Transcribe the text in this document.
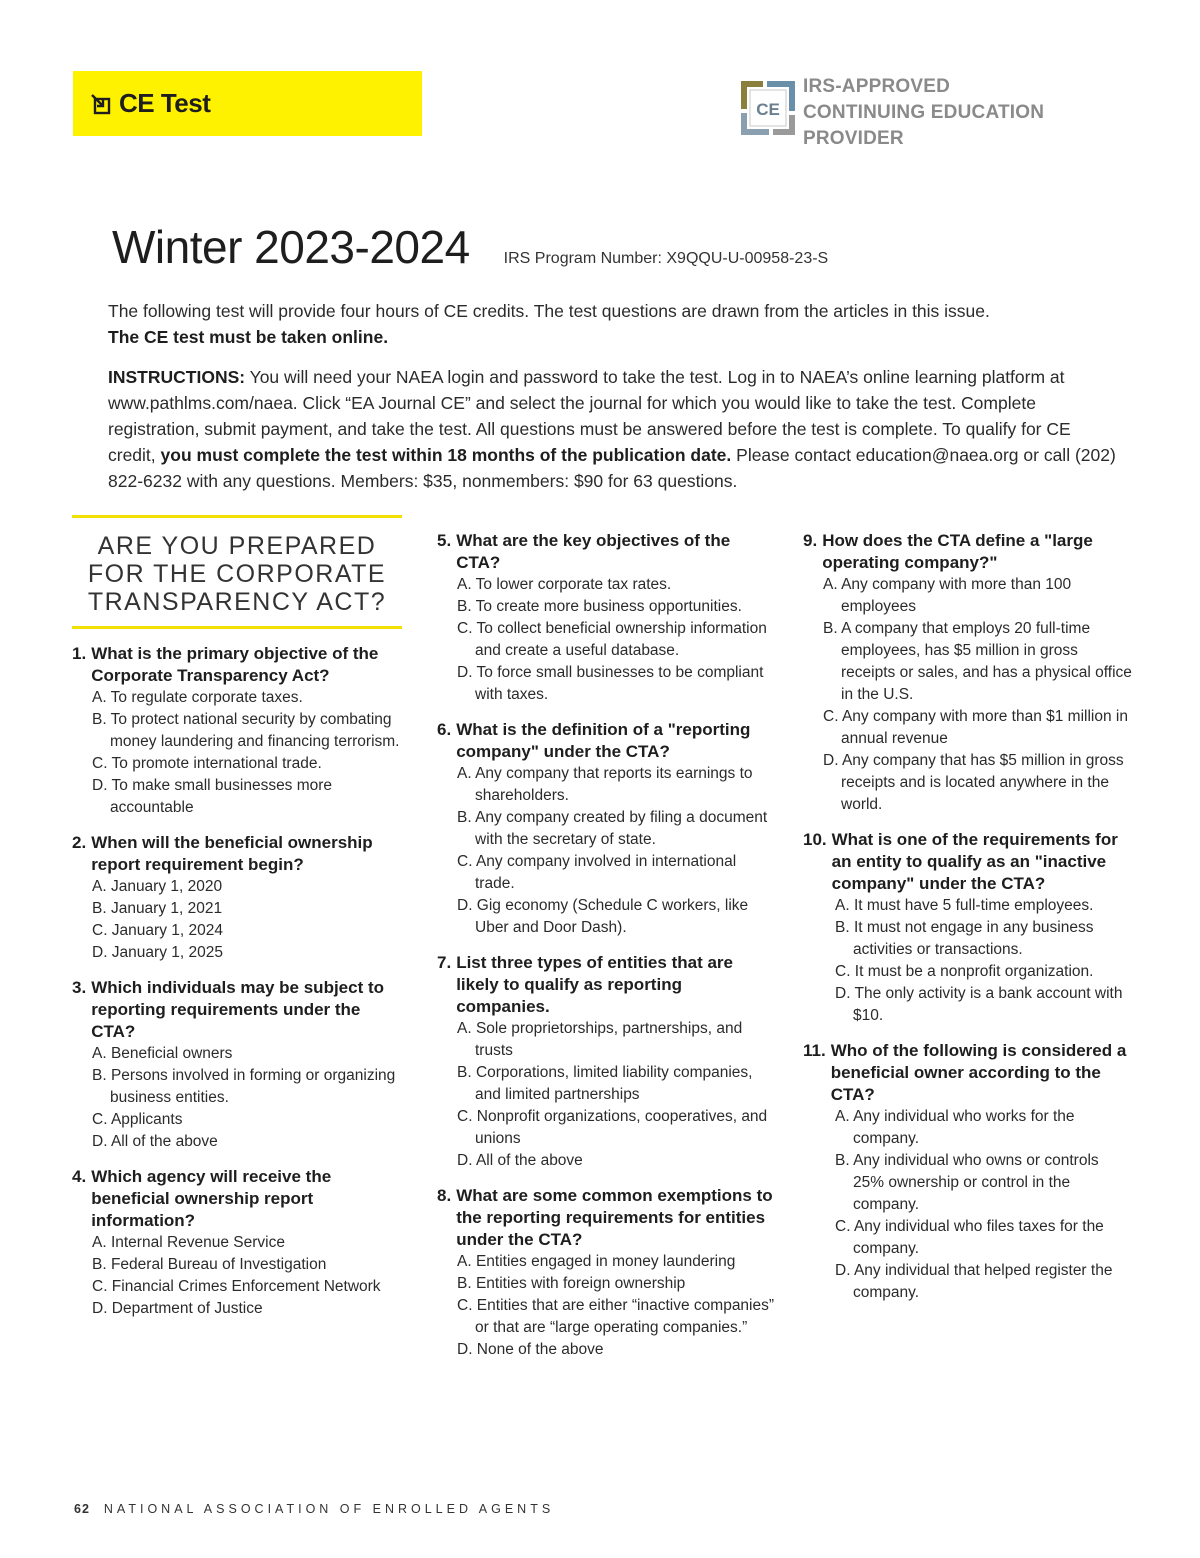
CE Test	CE
IRS-APPROVED
CONTINUING EDUCATION
PROVIDER
Winter 2023-2024 IRS Program Number: X9QQU-U-00958-23-S

The following test will provide four hours of CE credits. The test questions are drawn from the articles in this issue.

The CE test must be taken online.

INSTRUCTIONS: You will need your NAEA login and password to take the test. Log in to NAEA’s online learning platform at www.pathlms.com/naea. Click “EA Journal CE” and select the journal for which you would like to take the test. Complete registration, submit payment, and take the test. All questions must be answered before the test is complete. To qualify for CE credit, you must complete the test within 18 months of the publication date. Please contact education@naea.org or call (202) 822-6232 with any questions. Members: $35, nonmembers: $90 for 63 questions.

ARE YOU PREPARED
FOR THE CORPORATE
TRANSPARENCY ACT?
1. What is the primary objective of the Corporate Transparency Act?
A. To regulate corporate taxes.
B. To protect national security by combating money laundering and financing terrorism.
C. To promote international trade.
D. To make small businesses more accountable
2. When will the beneficial ownership report requirement begin?
A. January 1, 2020
B. January 1, 2021
C. January 1, 2024
D. January 1, 2025
3. Which individuals may be subject to reporting requirements under the CTA?
A. Beneficial owners
B. Persons involved in forming or organizing business entities.
C. Applicants
D. All of the above
4. Which agency will receive the beneficial ownership report information?
A. Internal Revenue Service
B. Federal Bureau of Investigation
C. Financial Crimes Enforcement Network
D. Department of Justice
5. What are the key objectives of the CTA?
A. To lower corporate tax rates.
B. To create more business opportunities.
C. To collect beneficial ownership information and create a useful database.
D. To force small businesses to be compliant with taxes.
6. What is the definition of a "reporting company" under the CTA?
A. Any company that reports its earnings to shareholders.
B. Any company created by filing a document with the secretary of state.
C. Any company involved in international trade.
D. Gig economy (Schedule C workers, like Uber and Door Dash).
7. List three types of entities that are likely to qualify as reporting companies.
A. Sole proprietorships, partnerships, and trusts
B. Corporations, limited liability companies, and limited partnerships
C. Nonprofit organizations, cooperatives, and unions
D. All of the above
8. What are some common exemptions to the reporting requirements for entities under the CTA?
A. Entities engaged in money laundering
B. Entities with foreign ownership
C. Entities that are either “inactive companies” or that are “large operating companies.”
D. None of the above
9. How does the CTA define a "large operating company?"
A. Any company with more than 100 employees
B. A company that employs 20 full-time employees, has $5 million in gross receipts or sales, and has a physical office in the U.S.
C. Any company with more than $1 million in annual revenue
D. Any company that has $5 million in gross receipts and is located anywhere in the world.
10. What is one of the requirements for an entity to qualify as an "inactive company" under the CTA?
A. It must have 5 full-time employees.
B. It must not engage in any business activities or transactions.
C. It must be a nonprofit organization.
D. The only activity is a bank account with $10.
11. Who of the following is considered a beneficial owner according to the CTA?
A. Any individual who works for the company.
B. Any individual who owns or controls 25% ownership or control in the company.
C. Any individual who files taxes for the company.
D. Any individual that helped register the company.
62 NATIONAL ASSOCIATION OF ENROLLED AGENTS
